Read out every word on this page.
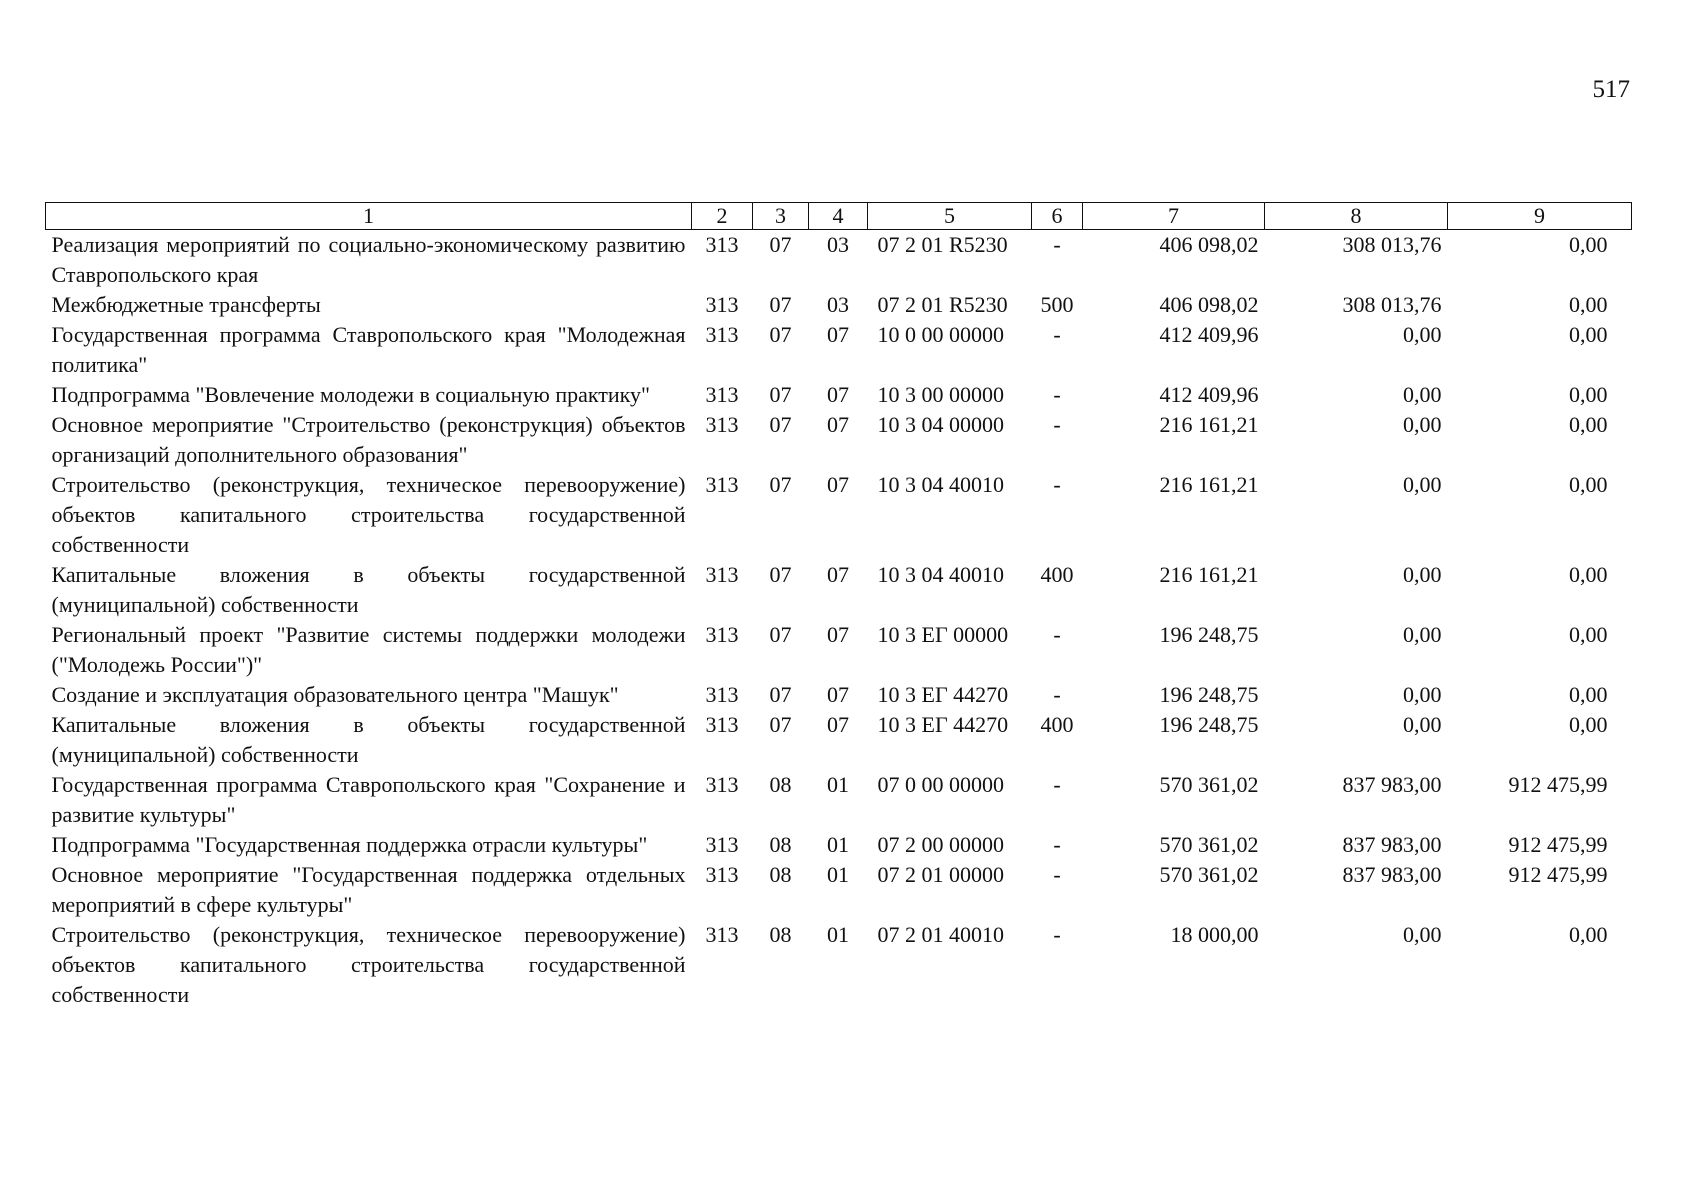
517
1	2	3	4	5	6	7	8	9
Реализация мероприятий по социально-экономическому развитию Ставропольского края	313	07	03	07 2 01 R5230	-	406 098,02	308 013,76	0,00
Межбюджетные трансферты	313	07	03	07 2 01 R5230	500	406 098,02	308 013,76	0,00
Государственная программа Ставропольского края "Молодежная политика"	313	07	07	10 0 00 00000	-	412 409,96	0,00	0,00
Подпрограмма "Вовлечение молодежи в социальную практику"	313	07	07	10 3 00 00000	-	412 409,96	0,00	0,00
Основное мероприятие "Строительство (реконструкция) объектов организаций дополнительного образования"	313	07	07	10 3 04 00000	-	216 161,21	0,00	0,00
Строительство (реконструкция, техническое перевооружение) объектов капитального строительства государственной собственности	313	07	07	10 3 04 40010	-	216 161,21	0,00	0,00
Капитальные вложения в объекты государственной (муниципальной) собственности	313	07	07	10 3 04 40010	400	216 161,21	0,00	0,00
Региональный проект "Развитие системы поддержки молодежи ("Молодежь России")"	313	07	07	10 3 ЕГ 00000	-	196 248,75	0,00	0,00
Создание и эксплуатация образовательного центра "Машук"	313	07	07	10 3 ЕГ 44270	-	196 248,75	0,00	0,00
Капитальные вложения в объекты государственной (муниципальной) собственности	313	07	07	10 3 ЕГ 44270	400	196 248,75	0,00	0,00
Государственная программа Ставропольского края "Сохранение и развитие культуры"	313	08	01	07 0 00 00000	-	570 361,02	837 983,00	912 475,99
Подпрограмма "Государственная поддержка отрасли культуры"	313	08	01	07 2 00 00000	-	570 361,02	837 983,00	912 475,99
Основное мероприятие "Государственная поддержка отдельных мероприятий в сфере культуры"	313	08	01	07 2 01 00000	-	570 361,02	837 983,00	912 475,99
Строительство (реконструкция, техническое перевооружение) объектов капитального строительства государственной собственности	313	08	01	07 2 01 40010	-	18 000,00	0,00	0,00
